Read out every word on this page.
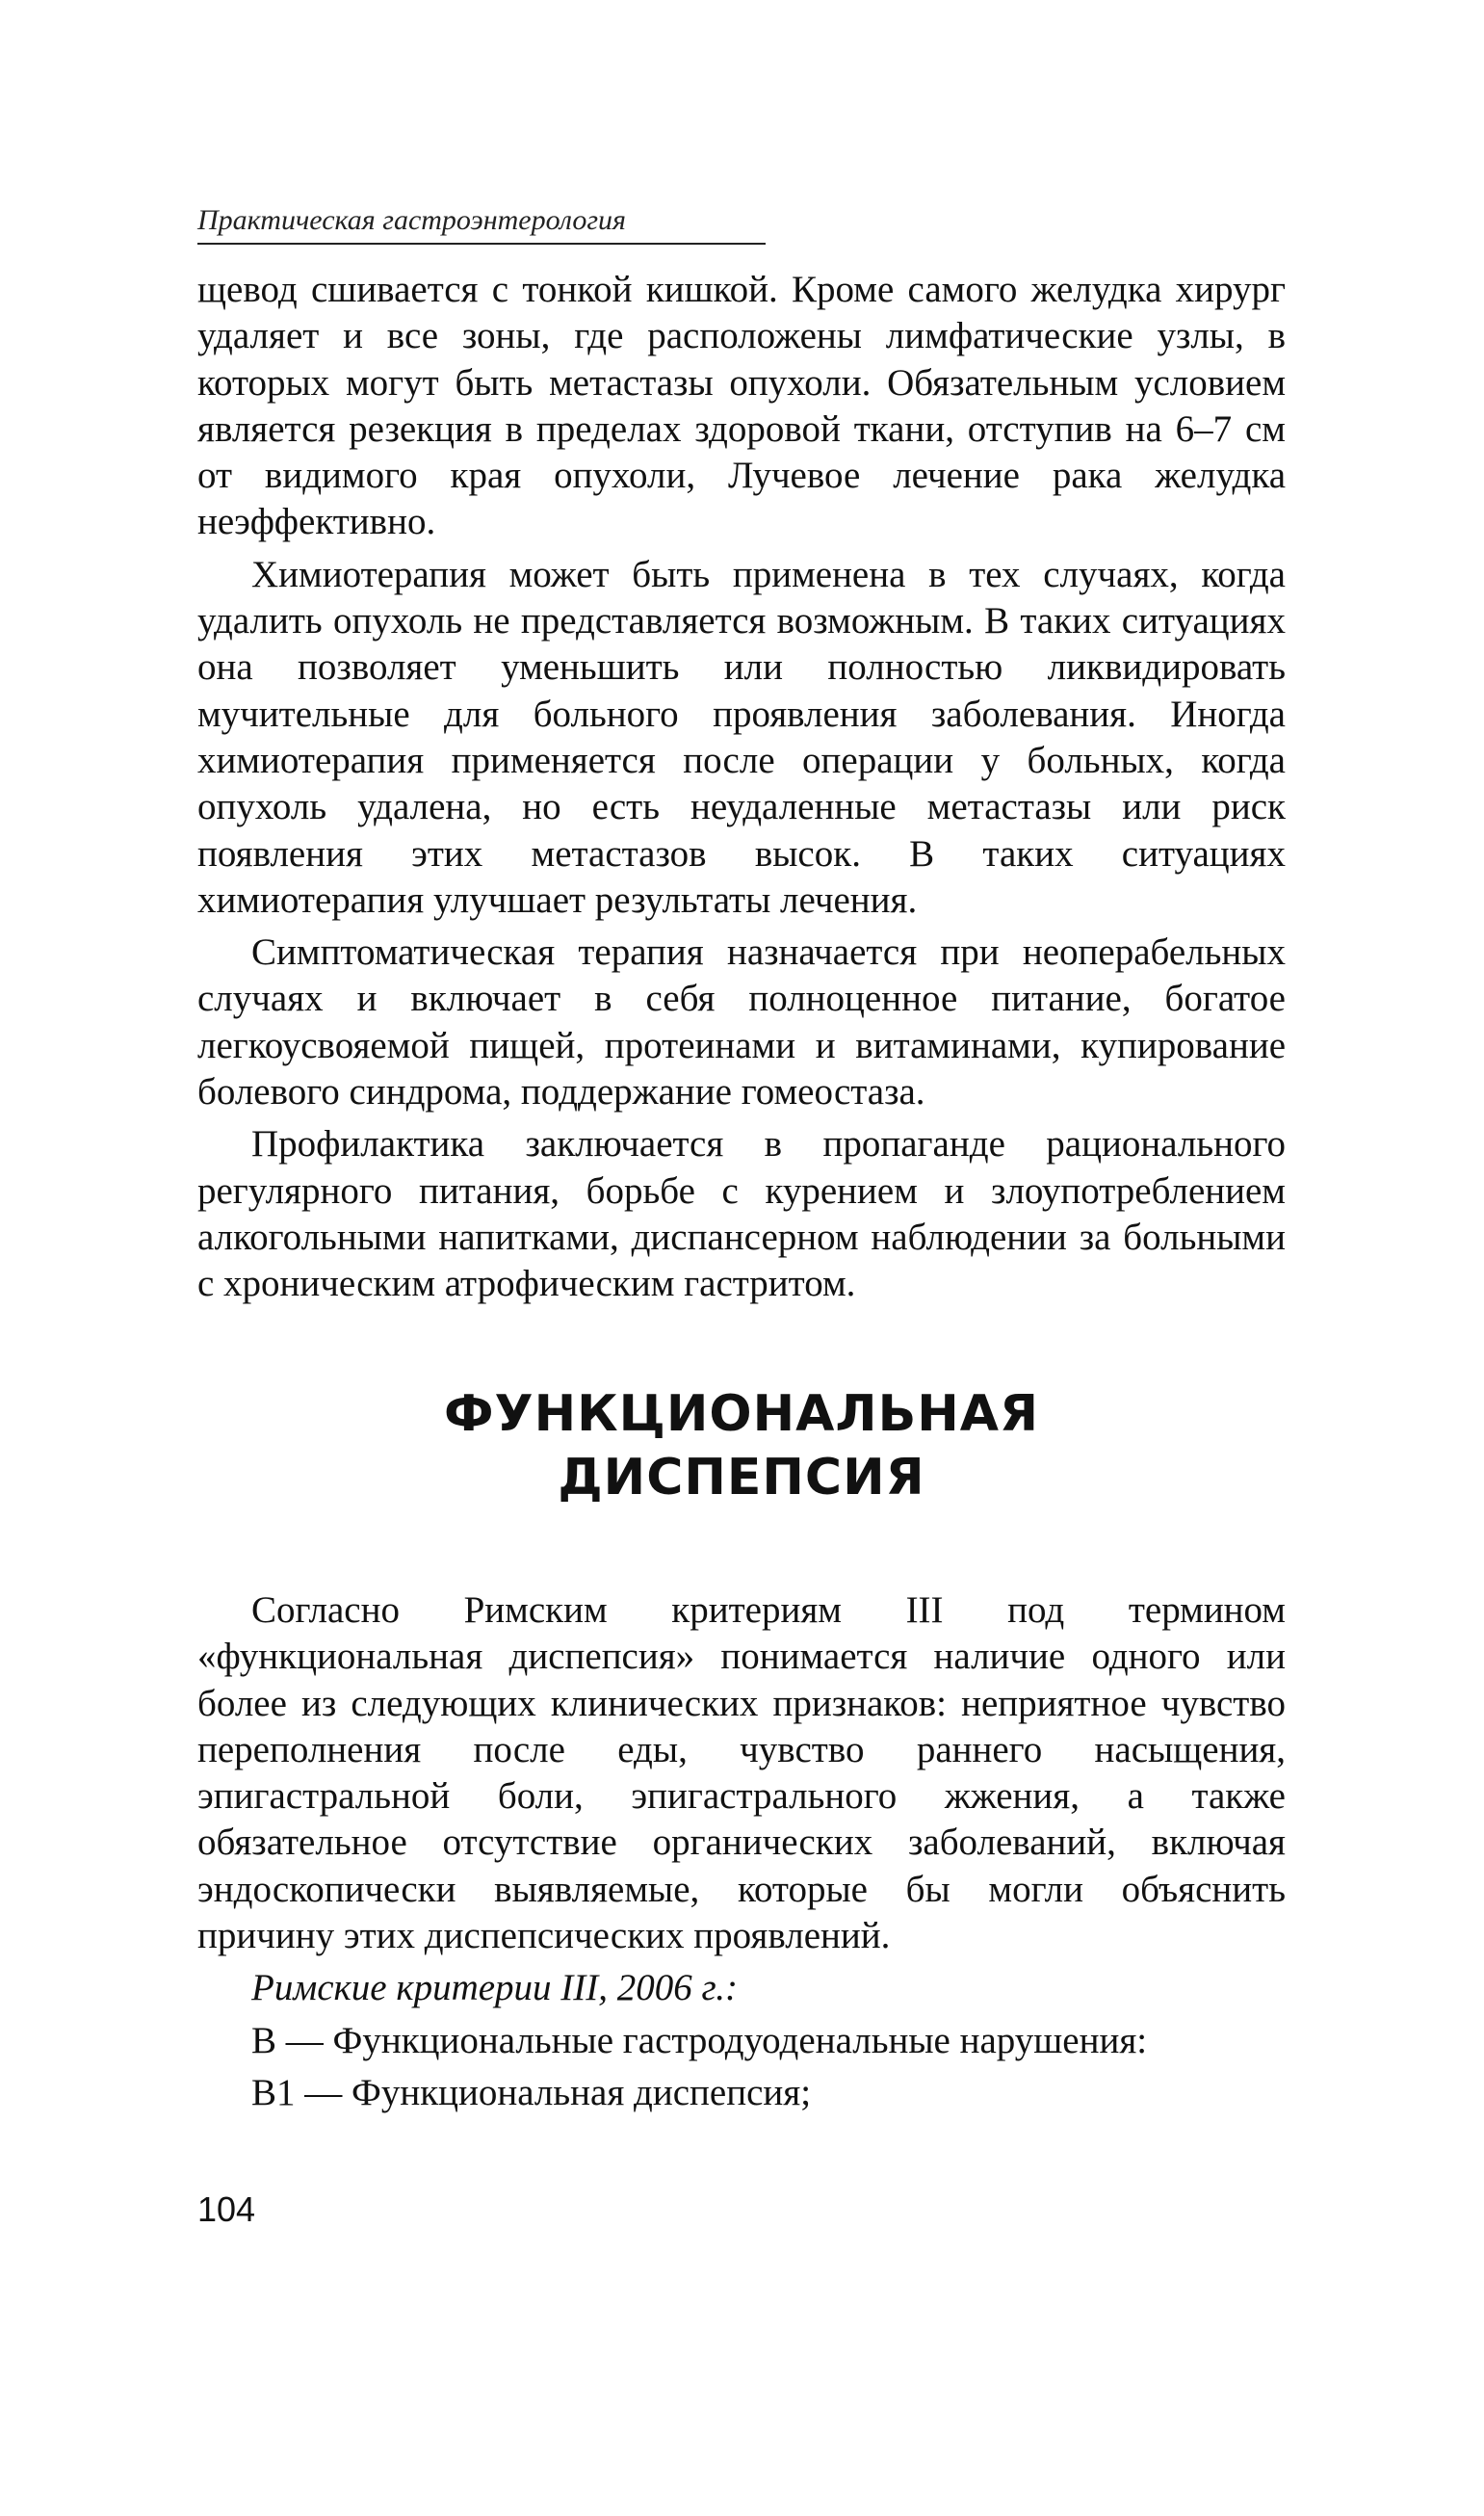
Практическая гастроэнтерология

щевод сшивается с тонкой кишкой. Кроме самого желудка хирург удаляет и все зоны, где расположены лимфатические узлы, в которых могут быть метастазы опухоли. Обязательным условием является резекция в пределах здоровой ткани, отступив на 6–7 см от видимого края опухоли, Лучевое лечение рака желудка неэффективно.

Химиотерапия может быть применена в тех случаях, когда удалить опухоль не представляется возможным. В таких ситуациях она позволяет уменьшить или полностью ликвидировать мучительные для больного проявления заболевания. Иногда химиотерапия применяется после операции у больных, когда опухоль удалена, но есть неудаленные метастазы или риск появления этих метастазов высок. В таких ситуациях химиотерапия улучшает результаты лечения.

Симптоматическая терапия назначается при неоперабельных случаях и включает в себя полноценное питание, богатое легкоусвояемой пищей, протеинами и витаминами, купирование болевого синдрома, поддержание гомеостаза.

Профилактика заключается в пропаганде рационального регулярного питания, борьбе с курением и злоупотреблением алкогольными напитками, диспансерном наблюдении за больными с хроническим атрофическим гастритом.

ФУНКЦИОНАЛЬНАЯ
ДИСПЕПСИЯ

Согласно Римским критериям III под термином «функциональная диспепсия» понимается наличие одного или более из следующих клинических признаков: неприятное чувство переполнения после еды, чувство раннего насыщения, эпигастральной боли, эпигастрального жжения, а также обязательное отсутствие органических заболеваний, включая эндоскопически выявляемые, которые бы могли объяснить причину этих диспепсических проявлений.

Римские критерии III, 2006 г.:

В — Функциональные гастродуоденальные нарушения:

В1 — Функциональная диспепсия;

104
